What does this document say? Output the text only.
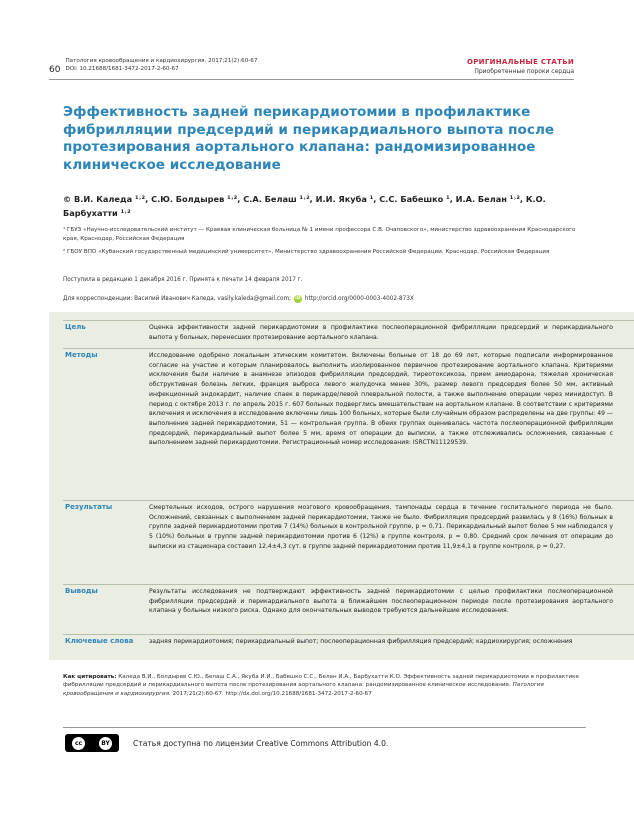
60
Патология кровообращения и кардиохирургия. 2017;21(2):60-67
DOI: 10.21688/1681-3472-2017-2-60-67
ОРИГИНАЛЬНЫЕ СТАТЬИ
Приобретенные пороки сердца
Эффективность задней перикардиотомии в профилактике фибрилляции предсердий и перикардиального выпота после протезирования аортального клапана: рандомизированное клиническое исследование
© В.И. Каледа ¹˒², С.Ю. Болдырев ¹˒², С.А. Белаш ¹˒², И.И. Якуба ¹, С.С. Бабешко ¹, И.А. Белан ¹˒², К.О. Барбухатти ¹˒²
¹ ГБУЗ «Научно-исследовательский институт — Краевая клиническая больница № 1 имени профессора С.В. Очаповского», министерство здравоохранения Краснодарского края, Краснодар, Российская Федерация
² ГБОУ ВПО «Кубанский государственный медицинский университет», Министерство здравоохранения Российской Федерации, Краснодар, Российская Федерация
Поступила в редакцию 1 декабря 2016 г. Принята к печати 14 февраля 2017 г.
Для корреспонденции: Василий Иванович Каледа, vasily.kaleda@gmail.com; iD http://orcid.org/0000-0003-4002-873X
Цель	Оценка эффективности задней перикардиотомии в профилактике послеоперационной фибрилляции предсердий и перикардиального выпота у больных, перенесших протезирование аортального клапана.
Методы	Исследование одобрено локальным этическим комитетом. Включены больные от 18 до 69 лет, которые подписали информированное согласие на участие и которым планировалось выполнить изолированное первичное протезирование аортального клапана. Критериями исключения были наличие в анамнезе эпизодов фибрилляции предсердий, тиреотоксикоза, прием амиодарона, тяжелая хроническая обструктивная болезнь легких, фракция выброса левого желудочка менее 30%, размер левого предсердия более 50 мм, активный инфекционный эндокардит, наличие спаек в перикарде/левой плевральной полости, а также выполнение операции через минидоступ. В период с октября 2013 г. по апрель 2015 г. 607 больных подверглись вмешательствам на аортальном клапане. В соответствии с критериями включения и исключения в исследование включены лишь 100 больных, которые были случайным образом распределены на две группы: 49 — выполнение задней перикардиотомии, 51 — контрольная группа. В обеих группах оценивалась частота послеоперационной фибрилляции предсердий, перикардиальный выпот более 5 мм, время от операции до выписки, а также отслеживались осложнения, связанные с выполнением задней перикардиотомии. Регистрационный номер исследования: ISRCTN11129539.
Результаты	Смертельных исходов, острого нарушения мозгового кровообращения, тампонады сердца в течение госпитального периода не было. Осложнений, связанных с выполнением задней перикардиотомии, также не было. Фибрилляция предсердий развилась у 8 (16%) больных в группе задней перикардиотомии против 7 (14%) больных в контрольной группе, p = 0,71. Перикардиальный выпот более 5 мм наблюдался у 5 (10%) больных в группе задней перикардиотомии против 6 (12%) в группе контроля, p = 0,80. Средний срок лечения от операции до выписки из стационара составил 12,4±4,3 сут. в группе задней перикардиотомии против 11,9±4,1 в группе контроля, p = 0,27.
Выводы	Результаты исследования не подтверждают эффективность задней перикардиотомии с целью профилактики послеоперационной фибрилляции предсердий и перикардиального выпота в ближайшем послеоперационном периоде после протезирования аортального клапана у больных низкого риска. Однако для окончательных выводов требуются дальнейшие исследования.
Ключевые слова	задняя перикардиотомия; перикардиальный выпот; послеоперационная фибрилляция предсердий; кардиохирургия; осложнения
Как цитировать: Каледа В.И., Болдырев С.Ю., Белаш С.А., Якуба И.И., Бабешко С.С., Белан И.А., Барбухатти К.О. Эффективность задней перикардиотомии в профилактике фибрилляции предсердий и перикардиального выпота после протезирования аортального клапана: рандомизированное клиническое исследование. Патология кровообращения и кардиохирургия. 2017;21(2):60-67. http://dx.doi.org/10.21688/1681-3472-2017-2-60-67
cc	BY	Статья доступна по лицензии Creative Commons Attribution 4.0.
